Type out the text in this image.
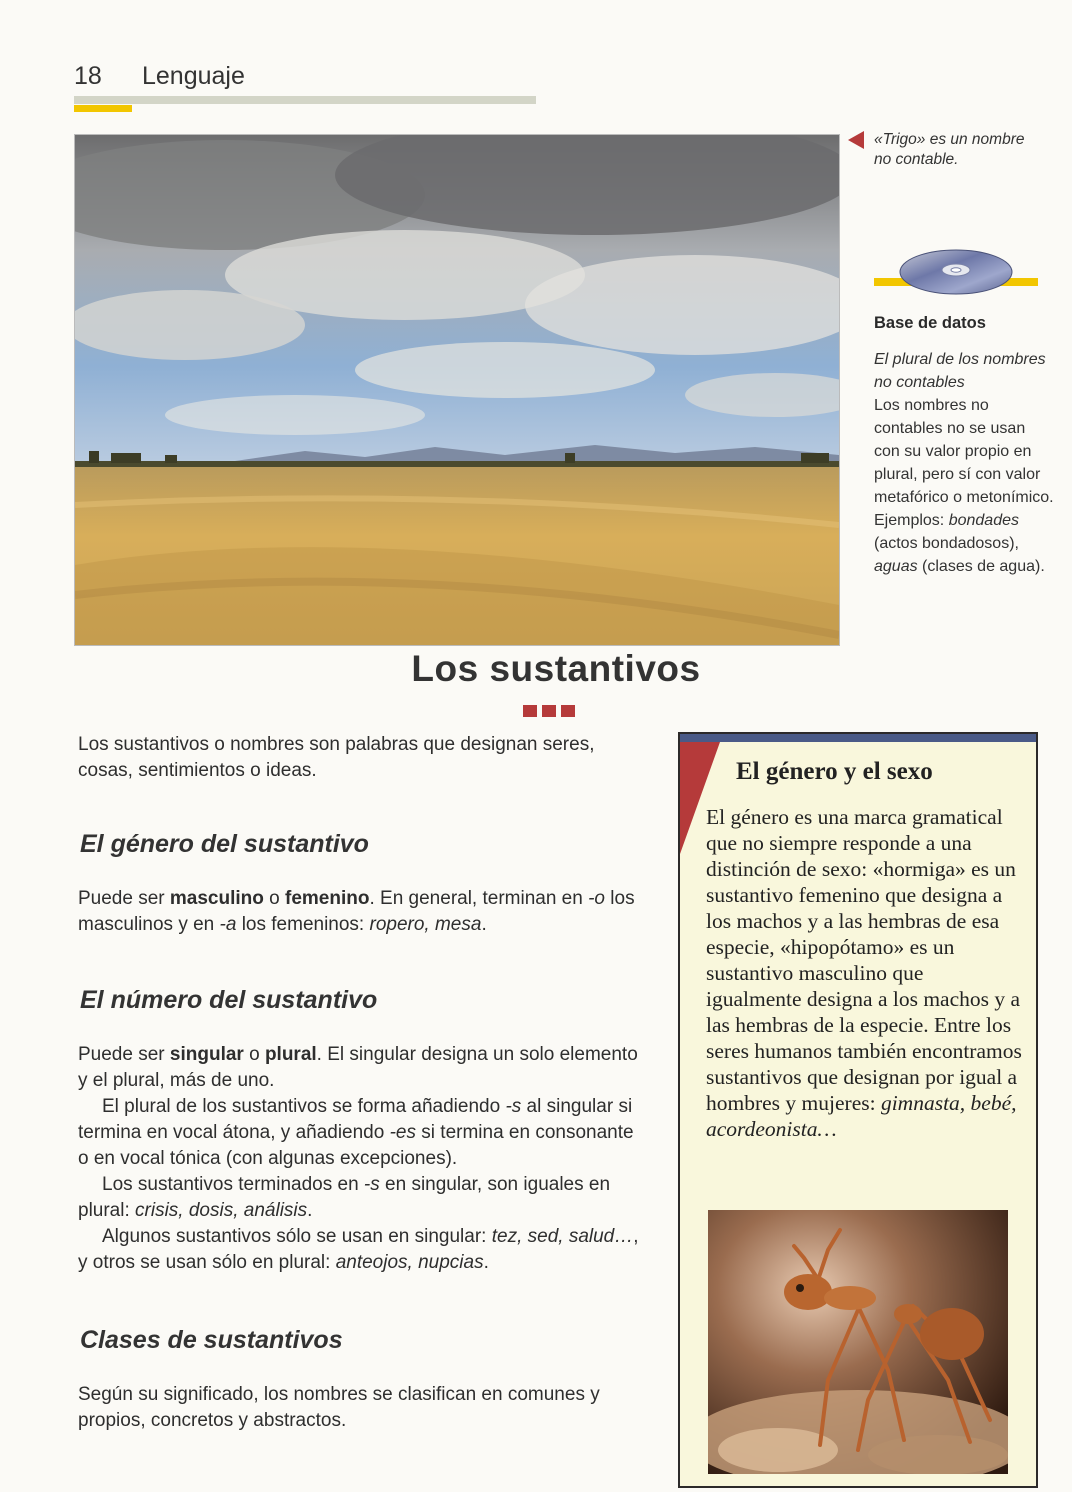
18 Lenguaje
«Trigo» es un nombre no contable.
Base de datos
El plural de los nombres no contables
Los nombres no contables no se usan con su valor propio en plural, pero sí con valor metafórico o metonímico. Ejemplos: bondades (actos bondadosos), aguas (clases de agua).
Los sustantivos
Los sustantivos o nombres son palabras que designan seres, cosas, sentimientos o ideas.
El género del sustantivo
Puede ser masculino o femenino. En general, terminan en -o los masculinos y en -a los femeninos: ropero, mesa.
El número del sustantivo

Puede ser singular o plural. El singular designa un solo elemento y el plural, más de uno.

El plural de los sustantivos se forma añadiendo -s al singular si termina en vocal átona, y añadiendo -es si termina en consonante o en vocal tónica (con algunas excepciones).

Los sustantivos terminados en -s en singular, son iguales en plural: crisis, dosis, análisis.

Algunos sustantivos sólo se usan en singular: tez, sed, salud…, y otros se usan sólo en plural: anteojos, nupcias.

Clases de sustantivos
Según su significado, los nombres se clasifican en comunes y propios, concretos y abstractos.
El género y el sexo
El género es una marca gramatical que no siempre responde a una distinción de sexo: «hormiga» es un sustantivo femenino que designa a los machos y a las hembras de esa especie, «hipopótamo» es un sustantivo masculino que igualmente designa a los machos y a las hembras de la especie. Entre los seres humanos también encontramos sustantivos que designan por igual a hombres y mujeres: gimnasta, bebé, acordeonista…
